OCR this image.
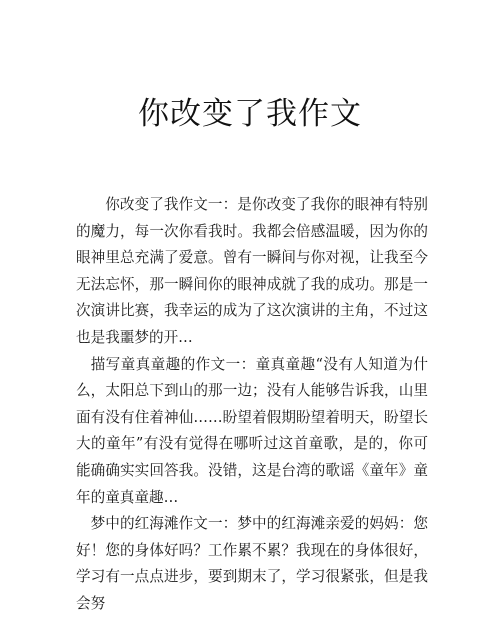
你改变了我作文

你改变了我作文一：是你改变了我你的眼神有特别的魔力，每一次你看我时。我都会倍感温暖，因为你的眼神里总充满了爱意。曾有一瞬间与你对视，让我至今无法忘怀，那一瞬间你的眼神成就了我的成功。那是一次演讲比赛，我幸运的成为了这次演讲的主角，不过这也是我噩梦的开…

描写童真童趣的作文一：童真童趣“没有人知道为什么，太阳总下到山的那一边；没有人能够告诉我，山里面有没有住着神仙……盼望着假期盼望着明天，盼望长大的童年”有没有觉得在哪听过这首童歌，是的，你可能确确实实回答我。没错，这是台湾的歌谣《童年》童年的童真童趣…

梦中的红海滩作文一：梦中的红海滩亲爱的妈妈：您好！您的身体好吗？工作累不累？我现在的身体很好，学习有一点点进步，要到期末了，学习很紧张，但是我会努
